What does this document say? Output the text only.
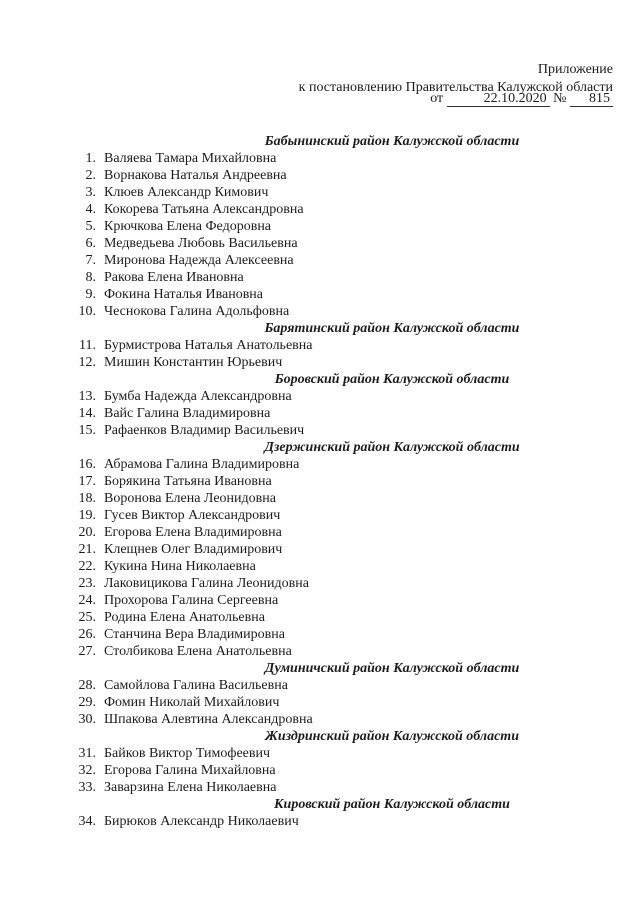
Приложение
к постановлению Правительства Калужской области
от	22.10.2020 № 815
Бабынинский район Калужской области
1. Валяева Тамара Михайловна
2. Ворнакова Наталья Андреевна
3. Клюев Александр Кимович
4. Кокорева Татьяна Александровна
5. Крючкова Елена Федоровна
6. Медведьева Любовь Васильевна
7. Миронова Надежда Алексеевна
8. Ракова Елена Ивановна
9. Фокина Наталья Ивановна
10. Чеснокова Галина Адольфовна
Барятинский район Калужской области
11. Бурмистрова Наталья Анатольевна
12. Мишин Константин Юрьевич
Боровский район Калужской области
13. Бумба Надежда Александровна
14. Вайс Галина Владимировна
15. Рафаенков Владимир Васильевич
Дзержинский район Калужской области
16. Абрамова Галина Владимировна
17. Борякина Татьяна Ивановна
18. Воронова Елена Леонидовна
19. Гусев Виктор Александрович
20. Егорова Елена Владимировна
21. Клещнев Олег Владимирович
22. Кукина Нина Николаевна
23. Лаковицикова Галина Леонидовна
24. Прохорова Галина Сергеевна
25. Родина Елена Анатольевна
26. Станчина Вера Владимировна
27. Столбикова Елена Анатольевна
Думиничский район Калужской области
28. Самойлова Галина Васильевна
29. Фомин Николай Михайлович
30. Шпакова Алевтина Александровна
Жиздринский район Калужской области
31. Байков Виктор Тимофеевич
32. Егорова Галина Михайловна
33. Заварзина Елена Николаевна
Кировский район Калужской области
34. Бирюков Александр Николаевич
